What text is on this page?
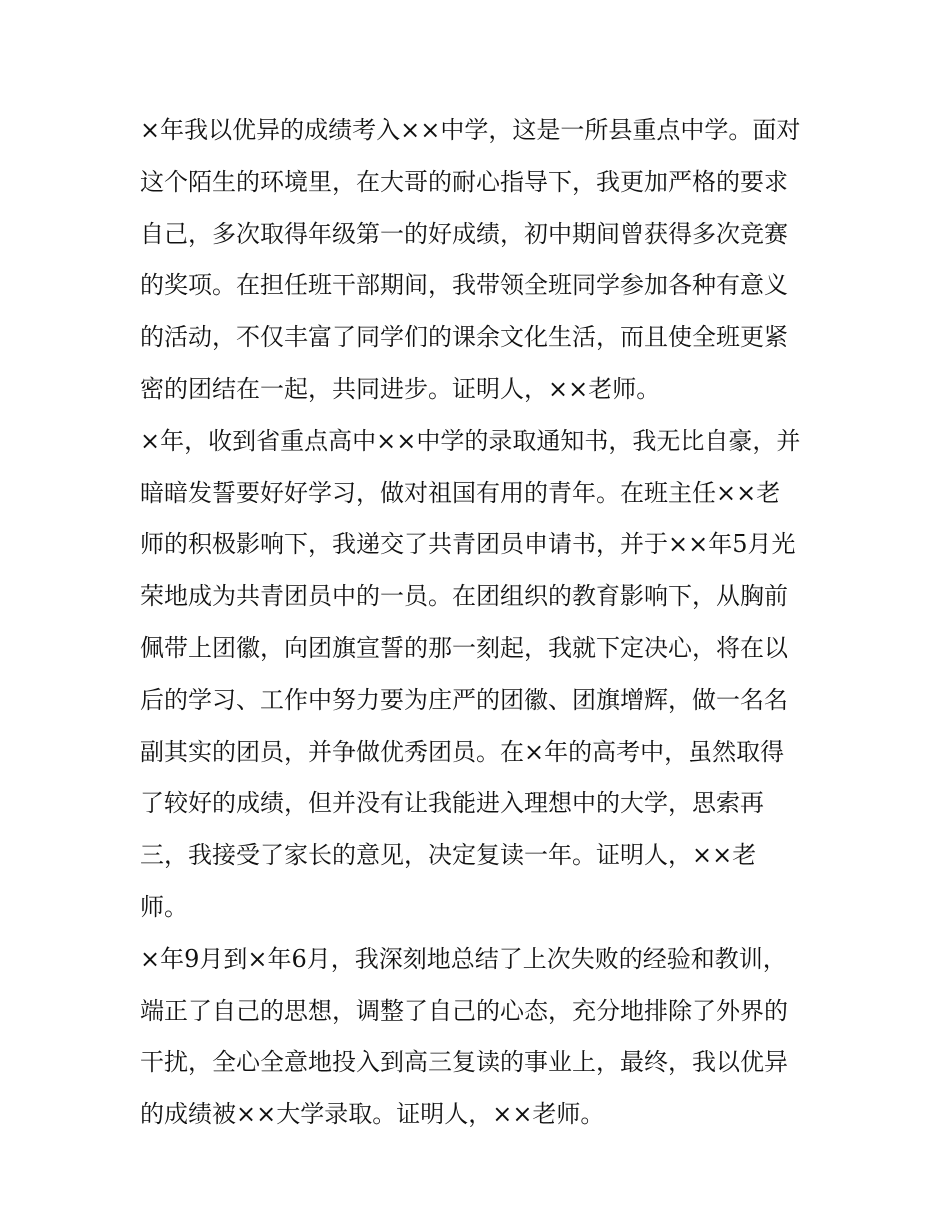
×年我以优异的成绩考入××中学，这是一所县重点中学。面对
这个陌生的环境里，在大哥的耐心指导下，我更加严格的要求
自己，多次取得年级第一的好成绩，初中期间曾获得多次竞赛
的奖项。在担任班干部期间，我带领全班同学参加各种有意义
的活动，不仅丰富了同学们的课余文化生活，而且使全班更紧
密的团结在一起，共同进步。证明人，××老师。
×年，收到省重点高中××中学的录取通知书，我无比自豪，并
暗暗发誓要好好学习，做对祖国有用的青年。在班主任××老
师的积极影响下，我递交了共青团员申请书，并于××年5月光
荣地成为共青团员中的一员。在团组织的教育影响下，从胸前
佩带上团徽，向团旗宣誓的那一刻起，我就下定决心，将在以
后的学习、工作中努力要为庄严的团徽、团旗增辉，做一名名
副其实的团员，并争做优秀团员。在×年的高考中，虽然取得
了较好的成绩，但并没有让我能进入理想中的大学，思索再
三，我接受了家长的意见，决定复读一年。证明人，××老
师。
×年9月到×年6月，我深刻地总结了上次失败的经验和教训，
端正了自己的思想，调整了自己的心态，充分地排除了外界的
干扰，全心全意地投入到高三复读的事业上，最终，我以优异
的成绩被××大学录取。证明人，××老师。
